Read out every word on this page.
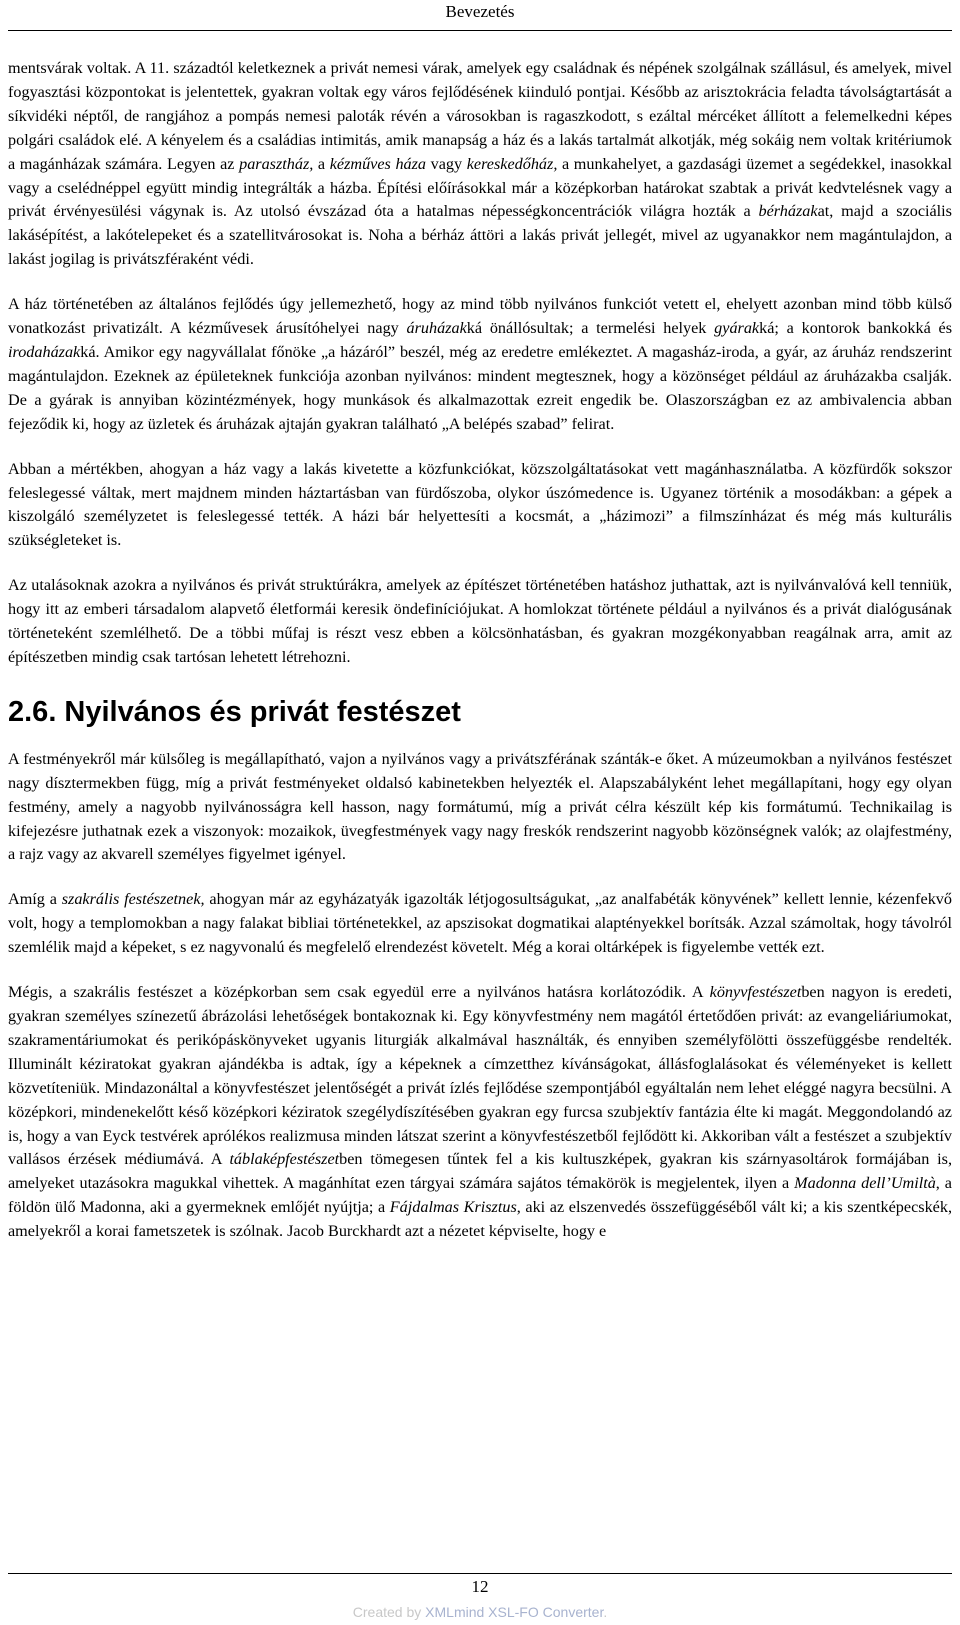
Bevezetés

mentsvárak voltak. A 11. századtól keletkeznek a privát nemesi várak, amelyek egy családnak és népének szolgálnak szállásul, és amelyek, mivel fogyasztási központokat is jelentettek, gyakran voltak egy város fejlődésének kiinduló pontjai. Később az arisztokrácia feladta távolságtartását a síkvidéki néptől, de rangjához a pompás nemesi paloták révén a városokban is ragaszkodott, s ezáltal mércéket állított a felemelkedni képes polgári családok elé. A kényelem és a családias intimitás, amik manapság a ház és a lakás tartalmát alkotják, még sokáig nem voltak kritériumok a magánházak számára. Legyen az parasztház, a kézműves háza vagy kereskedőház, a munkahelyet, a gazdasági üzemet a segédekkel, inasokkal vagy a cselédnéppel együtt mindig integrálták a házba. Építési előírásokkal már a középkorban határokat szabtak a privát kedvtelésnek vagy a privát érvényesülési vágynak is. Az utolsó évszázad óta a hatalmas népességkoncentrációk világra hozták a bérházakat, majd a szociális lakásépítést, a lakótelepeket és a szatellitvárosokat is. Noha a bérház áttöri a lakás privát jellegét, mivel az ugyanakkor nem magántulajdon, a lakást jogilag is privátszféraként védi.

A ház történetében az általános fejlődés úgy jellemezhető, hogy az mind több nyilvános funkciót vetett el, ehelyett azonban mind több külső vonatkozást privatizált. A kézművesek árusítóhelyei nagy áruházakká önállósultak; a termelési helyek gyárakká; a kontorok bankokká és irodaházakká. Amikor egy nagyvállalat főnöke „a házáról” beszél, még az eredetre emlékeztet. A magasház-iroda, a gyár, az áruház rendszerint magántulajdon. Ezeknek az épületeknek funkciója azonban nyilvános: mindent megtesznek, hogy a közönséget például az áruházakba csalják. De a gyárak is annyiban közintézmények, hogy munkások és alkalmazottak ezreit engedik be. Olaszországban ez az ambivalencia abban fejeződik ki, hogy az üzletek és áruházak ajtaján gyakran található „A belépés szabad” felirat.

Abban a mértékben, ahogyan a ház vagy a lakás kivetette a közfunkciókat, közszolgáltatásokat vett magánhasználatba. A közfürdők sokszor feleslegessé váltak, mert majdnem minden háztartásban van fürdőszoba, olykor úszómedence is. Ugyanez történik a mosodákban: a gépek a kiszolgáló személyzetet is feleslegessé tették. A házi bár helyettesíti a kocsmát, a „házimozi” a filmszínházat és még más kulturális szükségleteket is.

Az utalásoknak azokra a nyilvános és privát struktúrákra, amelyek az építészet történetében hatáshoz juthattak, azt is nyilvánvalóvá kell tenniük, hogy itt az emberi társadalom alapvető életformái keresik öndefiníciójukat. A homlokzat története például a nyilvános és a privát dialógusának történeteként szemlélhető. De a többi műfaj is részt vesz ebben a kölcsönhatásban, és gyakran mozgékonyabban reagálnak arra, amit az építészetben mindig csak tartósan lehetett létrehozni.

2.6. Nyilvános és privát festészet

A festményekről már külsőleg is megállapítható, vajon a nyilvános vagy a privátszférának szánták-e őket. A múzeumokban a nyilvános festészet nagy dísztermekben függ, míg a privát festményeket oldalsó kabinetekben helyezték el. Alapszabályként lehet megállapítani, hogy egy olyan festmény, amely a nagyobb nyilvánosságra kell hasson, nagy formátumú, míg a privát célra készült kép kis formátumú. Technikailag is kifejezésre juthatnak ezek a viszonyok: mozaikok, üvegfestmények vagy nagy freskók rendszerint nagyobb közönségnek valók; az olajfestmény, a rajz vagy az akvarell személyes figyelmet igényel.

Amíg a szakrális festészetnek, ahogyan már az egyházatyák igazolták létjogosultságukat, „az analfabéták könyvének” kellett lennie, kézenfekvő volt, hogy a templomokban a nagy falakat bibliai történetekkel, az apszisokat dogmatikai alaptényekkel borítsák. Azzal számoltak, hogy távolról szemlélik majd a képeket, s ez nagyvonalú és megfelelő elrendezést követelt. Még a korai oltárképek is figyelembe vették ezt.

Mégis, a szakrális festészet a középkorban sem csak egyedül erre a nyilvános hatásra korlátozódik. A könyvfestészetben nagyon is eredeti, gyakran személyes színezetű ábrázolási lehetőségek bontakoznak ki. Egy könyvfestmény nem magától értetődően privát: az evangeliáriumokat, szakramentáriumokat és perikópáskönyveket ugyanis liturgiák alkalmával használták, és ennyiben személyfölötti összefüggésbe rendelték. Illuminált kéziratokat gyakran ajándékba is adtak, így a képeknek a címzetthez kívánságokat, állásfoglalásokat és véleményeket is kellett közvetíteniük. Mindazonáltal a könyvfestészet jelentőségét a privát ízlés fejlődése szempontjából egyáltalán nem lehet eléggé nagyra becsülni. A középkori, mindenekelőtt késő középkori kéziratok szegélydíszítésében gyakran egy furcsa szubjektív fantázia élte ki magát. Meggondolandó az is, hogy a van Eyck testvérek aprólékos realizmusa minden látszat szerint a könyvfestészetből fejlődött ki. Akkoriban vált a festészet a szubjektív vallásos érzések médiumává. A táblaképfestészetben tömegesen tűntek fel a kis kultuszképek, gyakran kis szárnyasoltárok formájában is, amelyeket utazásokra magukkal vihettek. A magánhítat ezen tárgyai számára sajátos témakörök is megjelentek, ilyen a Madonna dell’Umiltà, a földön ülő Madonna, aki a gyermeknek emlőjét nyújtja; a Fájdalmas Krisztus, aki az elszenvedés összefüggéséből vált ki; a kis szentképecskék, amelyekről a korai fametszetek is szólnak. Jacob Burckhardt azt a nézetet képviselte, hogy e

12
Created by XMLmind XSL-FO Converter.
